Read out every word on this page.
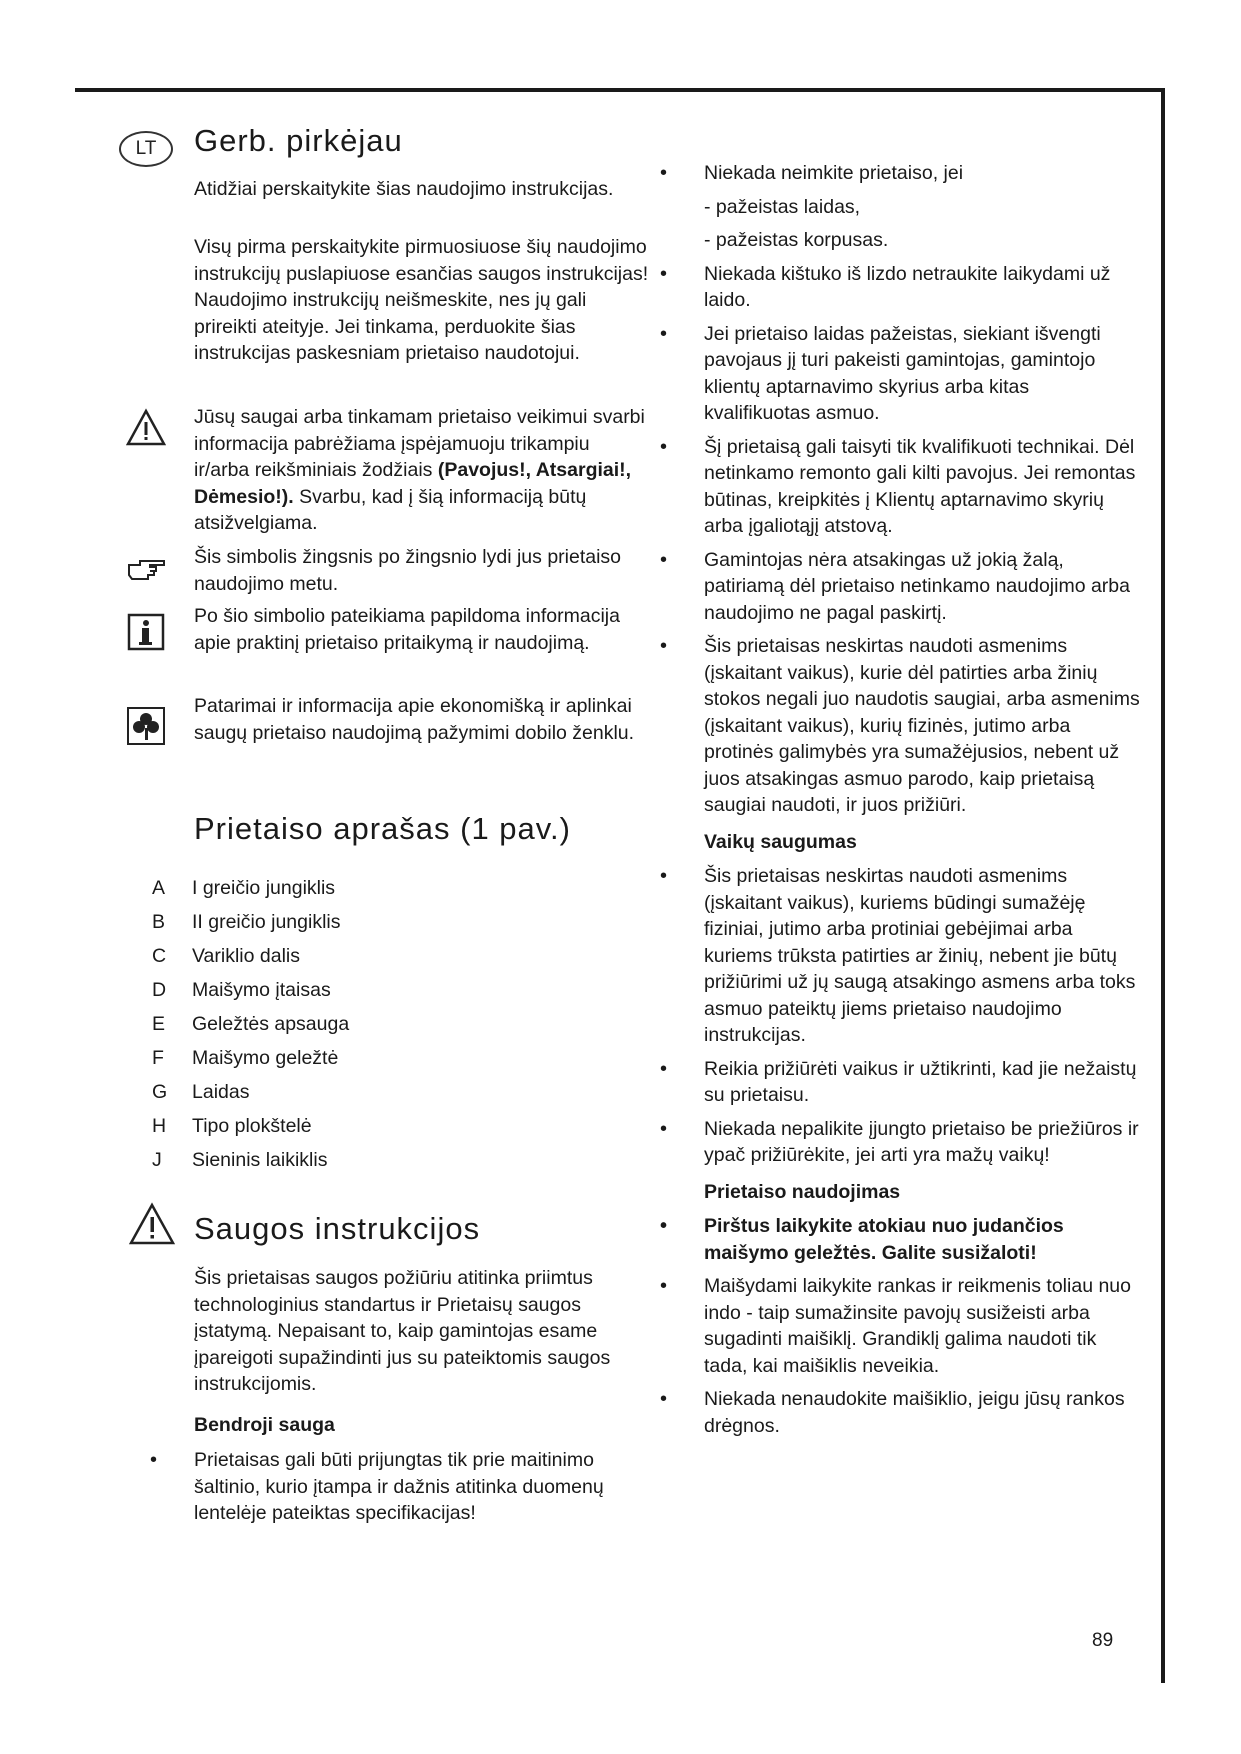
LT	Gerb. pirkėjau

Atidžiai perskaitykite šias naudojimo instrukcijas.

Visų pirma perskaitykite pirmuosiuose šių naudojimo instrukcijų puslapiuose esančias saugos instrukcijas! Naudojimo instrukcijų neišmeskite, nes jų gali prireikti ateityje. Jei tinkama, perduokite šias instrukcijas paskesniam prietaiso naudotojui.

Jūsų saugai arba tinkamam prietaiso veikimui svarbi informacija pabrėžiama įspėjamuoju trikampiu ir/arba reikšminiais žodžiais (Pavojus!, Atsargiai!, Dėmesio!). Svarbu, kad į šią informaciją būtų atsižvelgiama.

Šis simbolis žingsnis po žingsnio lydi jus prietaiso naudojimo metu.

Po šio simbolio pateikiama papildoma informacija apie praktinį prietaiso pritaikymą ir naudojimą.

Patarimai ir informacija apie ekonomišką ir aplinkai saugų prietaiso naudojimą pažymimi dobilo ženklu.

Prietaiso aprašas (1 pav.)
A	I greičio jungiklis
B	II greičio jungiklis
C	Variklio dalis
D	Maišymo įtaisas
E	Geležtės apsauga
F	Maišymo geležtė
G	Laidas
H	Tipo plokštelė
J	Sieninis laikiklis
Saugos instrukcijos

Šis prietaisas saugos požiūriu atitinka priimtus technologinius standartus ir Prietaisų saugos įstatymą. Nepaisant to, kaip gamintojas esame įpareigoti supažindinti jus su pateiktomis saugos instrukcijomis.

Bendroji sauga

• Prietaisas gali būti prijungtas tik prie maitinimo šaltinio, kurio įtampa ir dažnis atitinka duomenų lentelėje pateiktas specifikacijas!

• Niekada neimkite prietaiso, jei

- pažeistas laidas,

- pažeistas korpusas.

• Niekada kištuko iš lizdo netraukite laikydami už laido.

• Jei prietaiso laidas pažeistas, siekiant išvengti pavojaus jį turi pakeisti gamintojas, gamintojo klientų aptarnavimo skyrius arba kitas kvalifikuotas asmuo.

• Šį prietaisą gali taisyti tik kvalifikuoti technikai. Dėl netinkamo remonto gali kilti pavojus. Jei remontas būtinas, kreipkitės į Klientų aptarnavimo skyrių arba įgaliotąjį atstovą.

• Gamintojas nėra atsakingas už jokią žalą, patiriamą dėl prietaiso netinkamo naudojimo arba naudojimo ne pagal paskirtį.

• Šis prietaisas neskirtas naudoti asmenims (įskaitant vaikus), kurie dėl patirties arba žinių stokos negali juo naudotis saugiai, arba asmenims (įskaitant vaikus), kurių fizinės, jutimo arba protinės galimybės yra sumažėjusios, nebent už juos atsakingas asmuo parodo, kaip prietaisą saugiai naudoti, ir juos prižiūri.

Vaikų saugumas

• Šis prietaisas neskirtas naudoti asmenims (įskaitant vaikus), kuriems būdingi sumažėję fiziniai, jutimo arba protiniai gebėjimai arba kuriems trūksta patirties ar žinių, nebent jie būtų prižiūrimi už jų saugą atsakingo asmens arba toks asmuo pateiktų jiems prietaiso naudojimo instrukcijas.

• Reikia prižiūrėti vaikus ir užtikrinti, kad jie nežaistų su prietaisu.

• Niekada nepalikite įjungto prietaiso be priežiūros ir ypač prižiūrėkite, jei arti yra mažų vaikų!

Prietaiso naudojimas

• Pirštus laikykite atokiau nuo judančios maišymo geležtės. Galite susižaloti!

• Maišydami laikykite rankas ir reikmenis toliau nuo indo - taip sumažinsite pavojų susižeisti arba sugadinti maišiklį. Grandiklį galima naudoti tik tada, kai maišiklis neveikia.

• Niekada nenaudokite maišiklio, jeigu jūsų rankos drėgnos.

89
